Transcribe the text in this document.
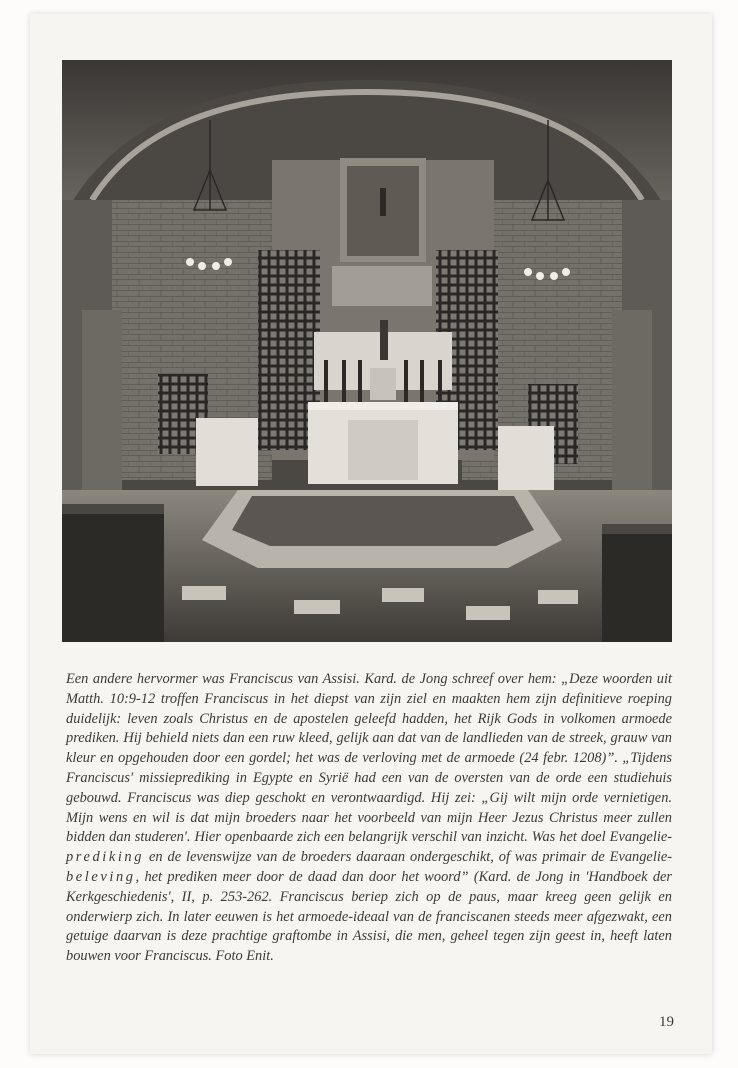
Een andere hervormer was Franciscus van Assisi. Kard. de Jong schreef over hem: „Deze woorden uit Matth. 10:9-12 troffen Franciscus in het diepst van zijn ziel en maakten hem zijn definitieve roeping duidelijk: leven zoals Christus en de apostelen geleefd hadden, het Rijk Gods in volkomen armoede prediken. Hij behield niets dan een ruw kleed, gelijk aan dat van de landlieden van de streek, grauw van kleur en opgehouden door een gordel; het was de verloving met de armoede (24 febr. 1208)”. „Tijdens Franciscus' missieprediking in Egypte en Syrië had een van de oversten van de orde een studiehuis gebouwd. Franciscus was diep geschokt en verontwaardigd. Hij zei: „Gij wilt mijn orde vernietigen. Mijn wens en wil is dat mijn broeders naar het voorbeeld van mijn Heer Jezus Christus meer zullen bidden dan studeren'. Hier openbaarde zich een belangrijk verschil van inzicht. Was het doel Evangelie-prediking en de levenswijze van de broeders daaraan ondergeschikt, of was primair de Evangelie-beleving, het prediken meer door de daad dan door het woord” (Kard. de Jong in 'Handboek der Kerkgeschiedenis', II, p. 253-262. Franciscus beriep zich op de paus, maar kreeg geen gelijk en onderwierp zich. In later eeuwen is het armoede-ideaal van de franciscanen steeds meer afgezwakt, een getuige daarvan is deze prachtige graftombe in Assisi, die men, geheel tegen zijn geest in, heeft laten bouwen voor Franciscus. Foto Enit.

19
